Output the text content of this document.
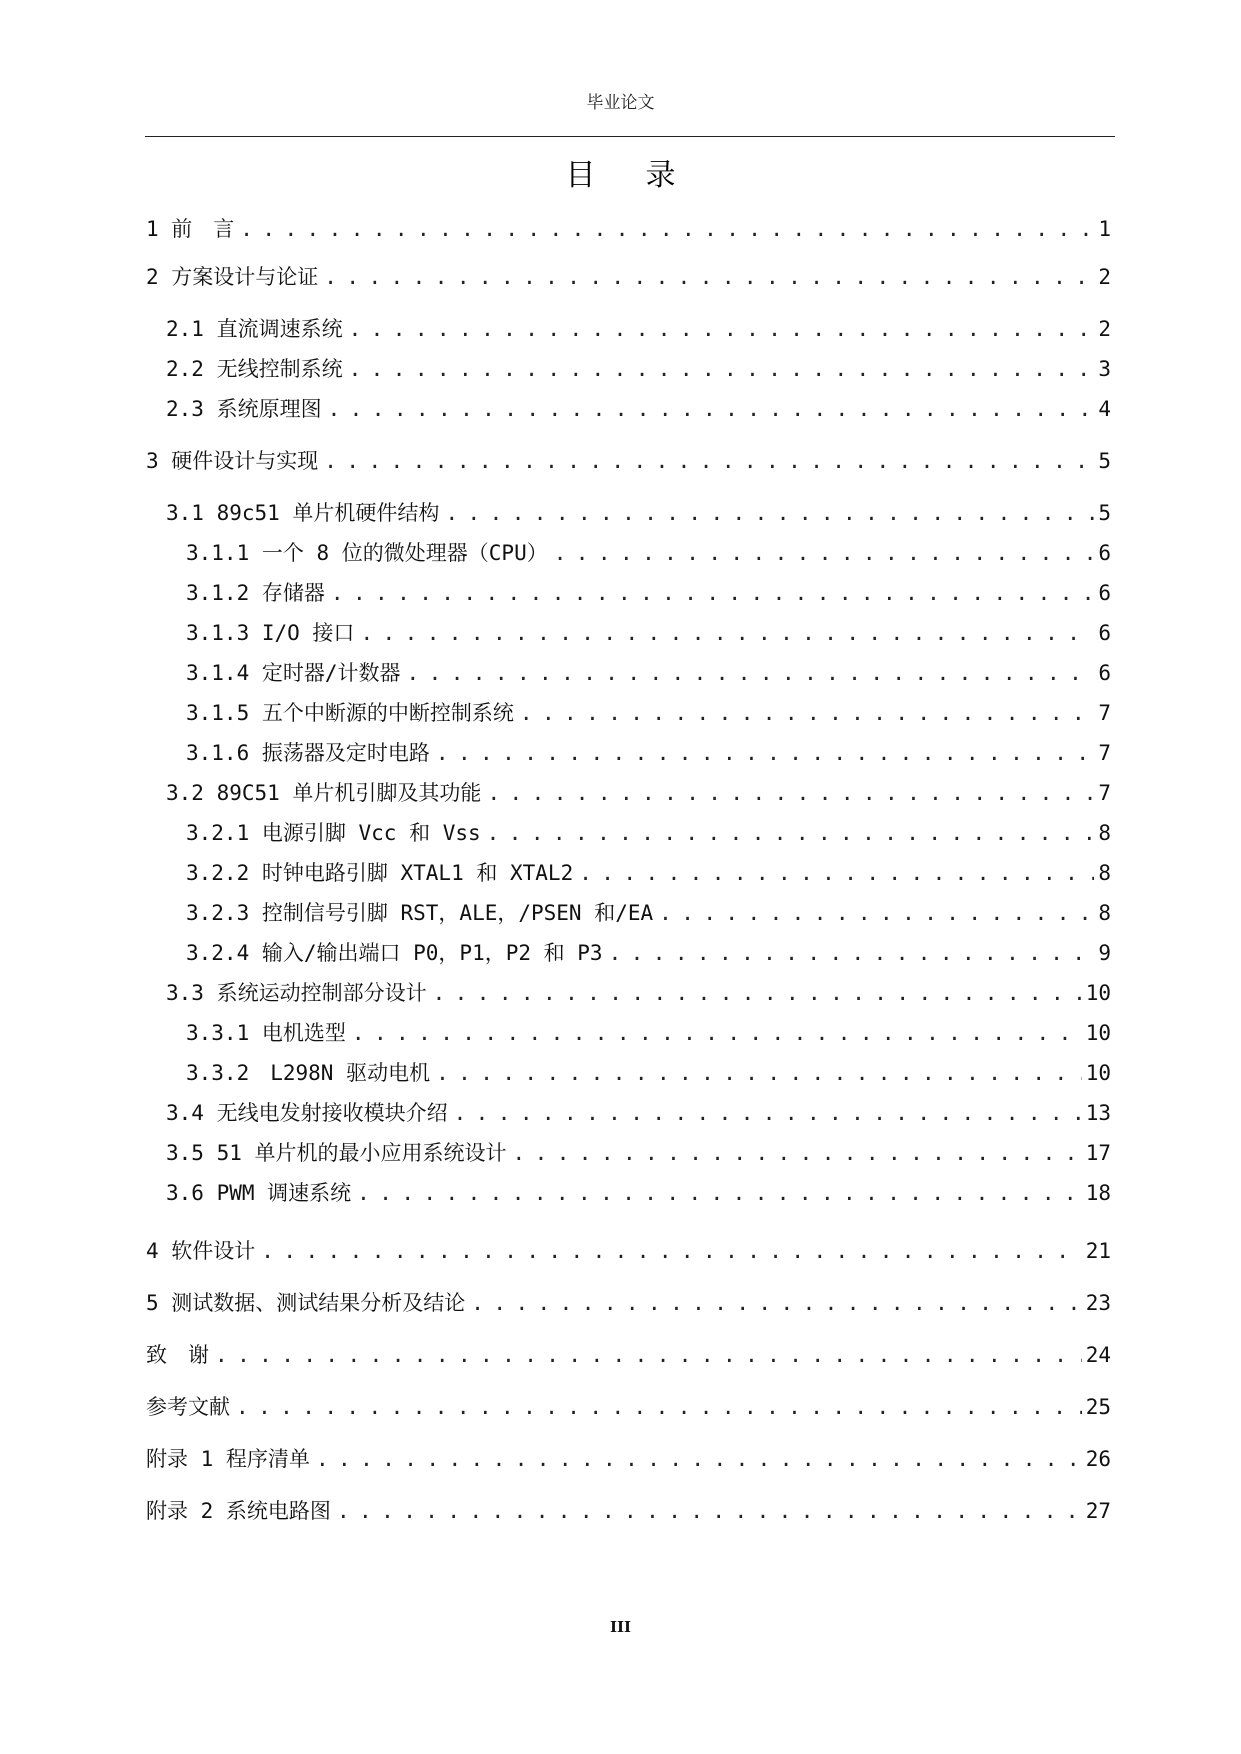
毕业论文
目录
1 前　言 . . .	1
2 方案设计与论证 . . .	2
2.1 直流调速系统 . . .	2
2.2 无线控制系统 . . .	3
2.3 系统原理图 . . .	4
3 硬件设计与实现 . . .	5
3.1 89c51 单片机硬件结构 . . .	5
3.1.1 一个 8 位的微处理器（CPU） . . .	6
3.1.2 存储器 . . .	6
3.1.3 I/O 接口 . . .	6
3.1.4 定时器/计数器 . . .	6
3.1.5 五个中断源的中断控制系统 . . .	7
3.1.6 振荡器及定时电路 . . .	7
3.2 89C51 单片机引脚及其功能 . . .	7
3.2.1 电源引脚 Vcc 和 Vss . . .	8
3.2.2 时钟电路引脚 XTAL1 和 XTAL2 . . .	8
3.2.3 控制信号引脚 RST，ALE，/PSEN 和/EA . . .	8
3.2.4 输入/输出端口 P0，P1，P2 和 P3 . . .	9
3.3 系统运动控制部分设计 . . .	10
3.3.1 电机选型 . . .	10
3.3.2　L298N 驱动电机 . . .	10
3.4 无线电发射接收模块介绍 . . .	13
3.5 51 单片机的最小应用系统设计 . . .	17
3.6 PWM 调速系统 . . .	18
4 软件设计 . . .	21
5 测试数据、测试结果分析及结论 . . .	23
致　谢 . . .	24
参考文献 . . .	25
附录 1 程序清单 . . .	26
附录 2 系统电路图 . . .	27
III
